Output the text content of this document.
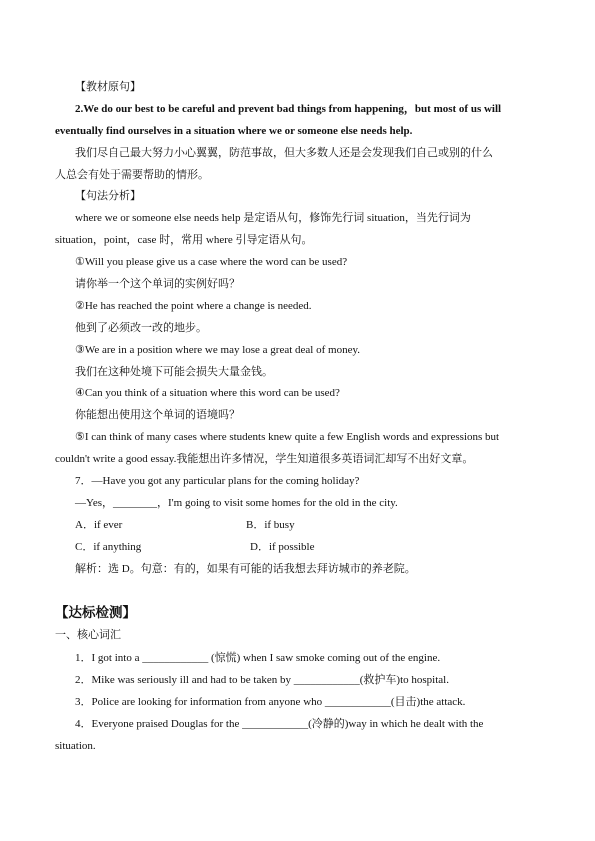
【教材原句】
2.We do our best to be careful and prevent bad things from happening，but most of us will
eventually find ourselves in a situation where we or someone else needs help.
我们尽自己最大努力小心翼翼，防范事故，但大多数人还是会发现我们自己或别的什么
人总会有处于需要帮助的情形。
【句法分析】
where we or someone else needs help 是定语从句，修饰先行词 situation，当先行词为
situation，point，case 时，常用 where 引导定语从句。
①Will you please give us a case where the word can be used?
请你举一个这个单词的实例好吗？
②He has reached the point where a change is needed.
他到了必须改一改的地步。
③We are in a position where we may lose a great deal of money.
我们在这种处境下可能会损失大量金钱。
④Can you think of a situation where this word can be used?
你能想出使用这个单词的语境吗？
⑤I can think of many cases where students knew quite a few English words and expressions but
couldn't write a good essay.我能想出许多情况，学生知道很多英语词汇却写不出好文章。
7．—Have you got any particular plans for the coming holiday?
—Yes，________，I'm going to visit some homes for the old in the city.
A．if ever	B．if busy
C．if anything	D．if possible
解析：选 D。句意：有的，如果有可能的话我想去拜访城市的养老院。
【达标检测】
一、核心词汇
1．I got into a ____________ (惊慌) when I saw smoke coming out of the engine.
2．Mike was seriously ill and had to be taken by ____________(救护车)to hospital.
3．Police are looking for information from anyone who ____________(目击)the attack.
4．Everyone praised Douglas for the ____________(冷静的)way in which he dealt with the
situation.
